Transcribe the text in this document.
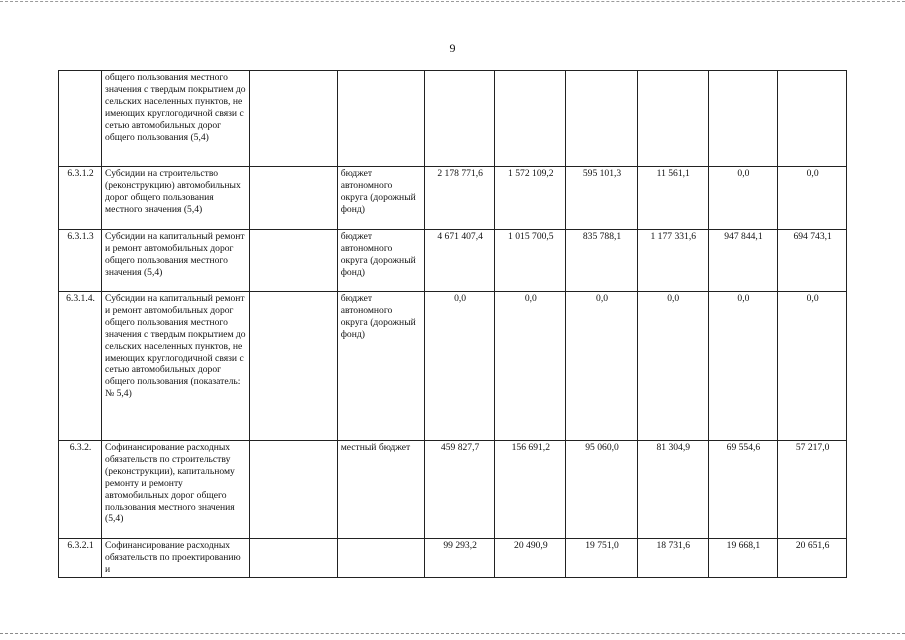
9
	общего пользования местного значения с твердым покрытием до сельских населенных пунктов, не имеющих круглогодичной связи с сетью автомобильных дорог общего пользования (5,4)								
6.3.1.2	Субсидии на строительство (реконструкцию) автомобильных дорог общего пользования местного значения (5,4)		бюджет автономного округа (дорожный фонд)	2 178 771,6	1 572 109,2	595 101,3	11 561,1	0,0	0,0
6.3.1.3	Субсидии на капитальный ремонт и ремонт автомобильных дорог общего пользования местного значения (5,4)		бюджет автономного округа (дорожный фонд)	4 671 407,4	1 015 700,5	835 788,1	1 177 331,6	947 844,1	694 743,1
6.3.1.4.	Субсидии на капитальный ремонт и ремонт автомобильных дорог общего пользования местного значения с твердым покрытием до сельских населенных пунктов, не имеющих круглогодичной связи с сетью автомобильных дорог общего пользования (показатель: № 5,4)		бюджет автономного округа (дорожный фонд)	0,0	0,0	0,0	0,0	0,0	0,0
6.3.2.	Софинансирование расходных обязательств по строительству (реконструкции), капитальному ремонту и ремонту автомобильных дорог общего пользования местного значения (5,4)		местный бюджет	459 827,7	156 691,2	95 060,0	81 304,9	69 554,6	57 217,0
6.3.2.1	Софинансирование расходных обязательств по проектированию и			99 293,2	20 490,9	19 751,0	18 731,6	19 668,1	20 651,6
